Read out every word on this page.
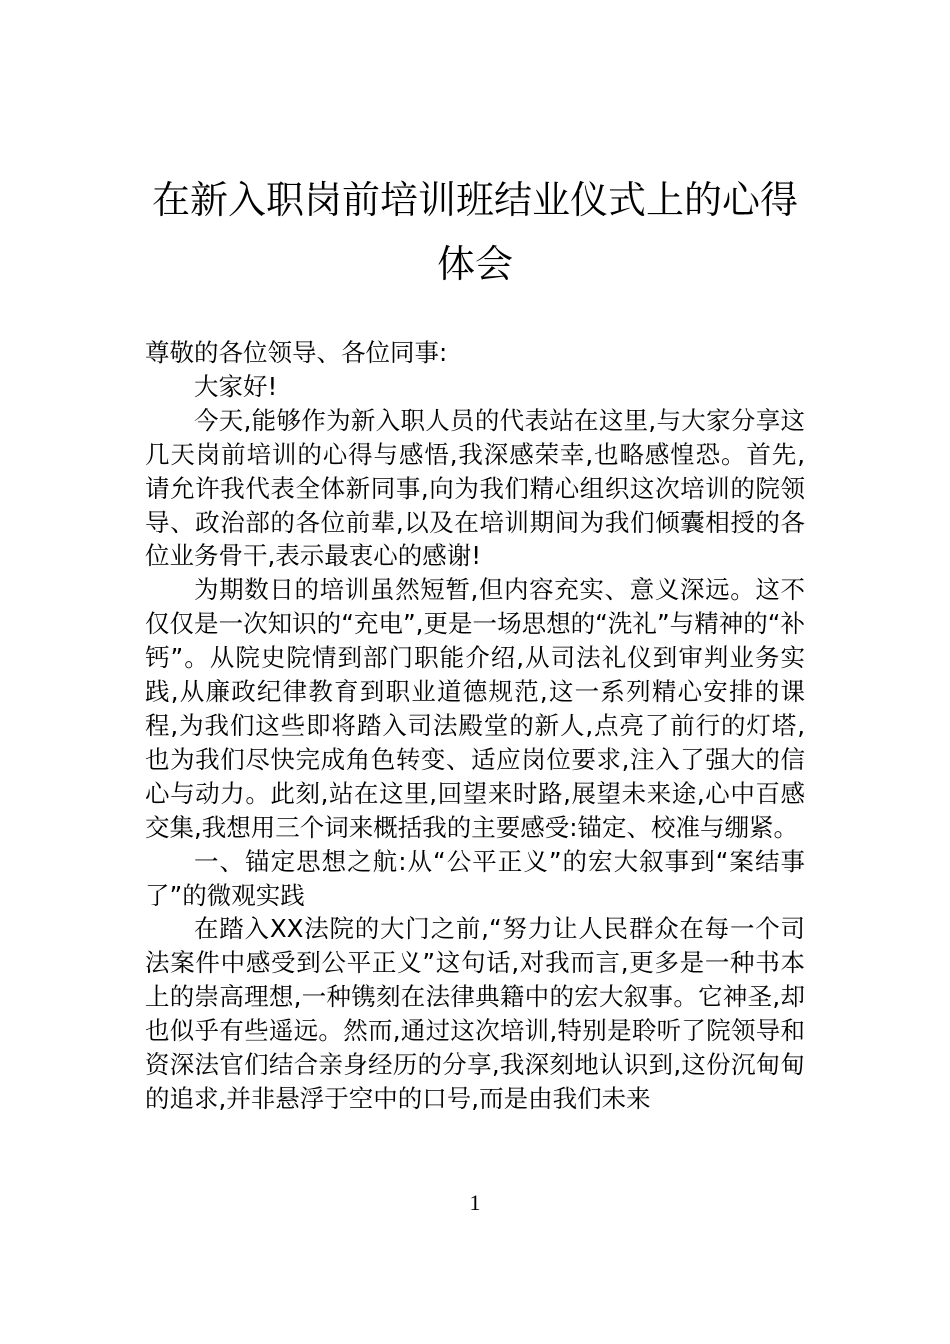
在新入职岗前培训班结业仪式上的心得体会

尊敬的各位领导、各位同事:

大家好!

今天,能够作为新入职人员的代表站在这里,与大家分享这几天岗前培训的心得与感悟,我深感荣幸,也略感惶恐。首先,请允许我代表全体新同事,向为我们精心组织这次培训的院领导、政治部的各位前辈,以及在培训期间为我们倾囊相授的各位业务骨干,表示最衷心的感谢!

为期数日的培训虽然短暂,但内容充实、意义深远。这不仅仅是一次知识的“充电”,更是一场思想的“洗礼”与精神的“补钙”。从院史院情到部门职能介绍,从司法礼仪到审判业务实践,从廉政纪律教育到职业道德规范,这一系列精心安排的课程,为我们这些即将踏入司法殿堂的新人,点亮了前行的灯塔,也为我们尽快完成角色转变、适应岗位要求,注入了强大的信心与动力。此刻,站在这里,回望来时路,展望未来途,心中百感交集,我想用三个词来概括我的主要感受:锚定、校准与绷紧。

一、锚定思想之航:从“公平正义”的宏大叙事到“案结事了”的微观实践

在踏入XX法院的大门之前,“努力让人民群众在每一个司法案件中感受到公平正义”这句话,对我而言,更多是一种书本上的崇高理想,一种镌刻在法律典籍中的宏大叙事。它神圣,却也似乎有些遥远。然而,通过这次培训,特别是聆听了院领导和资深法官们结合亲身经历的分享,我深刻地认识到,这份沉甸甸的追求,并非悬浮于空中的口号,而是由我们未来

1
